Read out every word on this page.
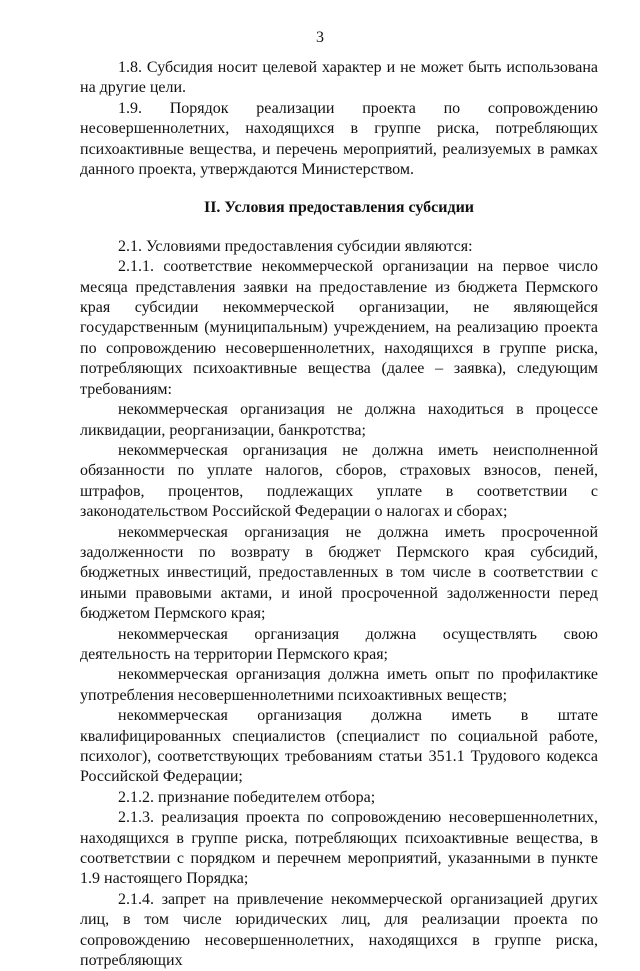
3

1.8. Субсидия носит целевой характер и не может быть использована на другие цели.

1.9. Порядок реализации проекта по сопровождению несовершеннолетних, находящихся в группе риска, потребляющих психоактивные вещества, и перечень мероприятий, реализуемых в рамках данного проекта, утверждаются Министерством.

II. Условия предоставления субсидии

2.1. Условиями предоставления субсидии являются:

2.1.1. соответствие некоммерческой организации на первое число месяца представления заявки на предоставление из бюджета Пермского края субсидии некоммерческой организации, не являющейся государственным (муниципальным) учреждением, на реализацию проекта по сопровождению несовершеннолетних, находящихся в группе риска, потребляющих психоактивные вещества (далее – заявка), следующим требованиям:

некоммерческая организация не должна находиться в процессе ликвидации, реорганизации, банкротства;

некоммерческая организация не должна иметь неисполненной обязанности по уплате налогов, сборов, страховых взносов, пеней, штрафов, процентов, подлежащих уплате в соответствии с законодательством Российской Федерации о налогах и сборах;

некоммерческая организация не должна иметь просроченной задолженности по возврату в бюджет Пермского края субсидий, бюджетных инвестиций, предоставленных в том числе в соответствии с иными правовыми актами, и иной просроченной задолженности перед бюджетом Пермского края;

некоммерческая организация должна осуществлять свою деятельность на территории Пермского края;

некоммерческая организация должна иметь опыт по профилактике употребления несовершеннолетними психоактивных веществ;

некоммерческая организация должна иметь в штате квалифицированных специалистов (специалист по социальной работе, психолог), соответствующих требованиям статьи 351.1 Трудового кодекса Российской Федерации;

2.1.2. признание победителем отбора;

2.1.3. реализация проекта по сопровождению несовершеннолетних, находящихся в группе риска, потребляющих психоактивные вещества, в соответствии с порядком и перечнем мероприятий, указанными в пункте 1.9 настоящего Порядка;

2.1.4. запрет на привлечение некоммерческой организацией других лиц, в том числе юридических лиц, для реализации проекта по сопровождению несовершеннолетних, находящихся в группе риска, потребляющих
